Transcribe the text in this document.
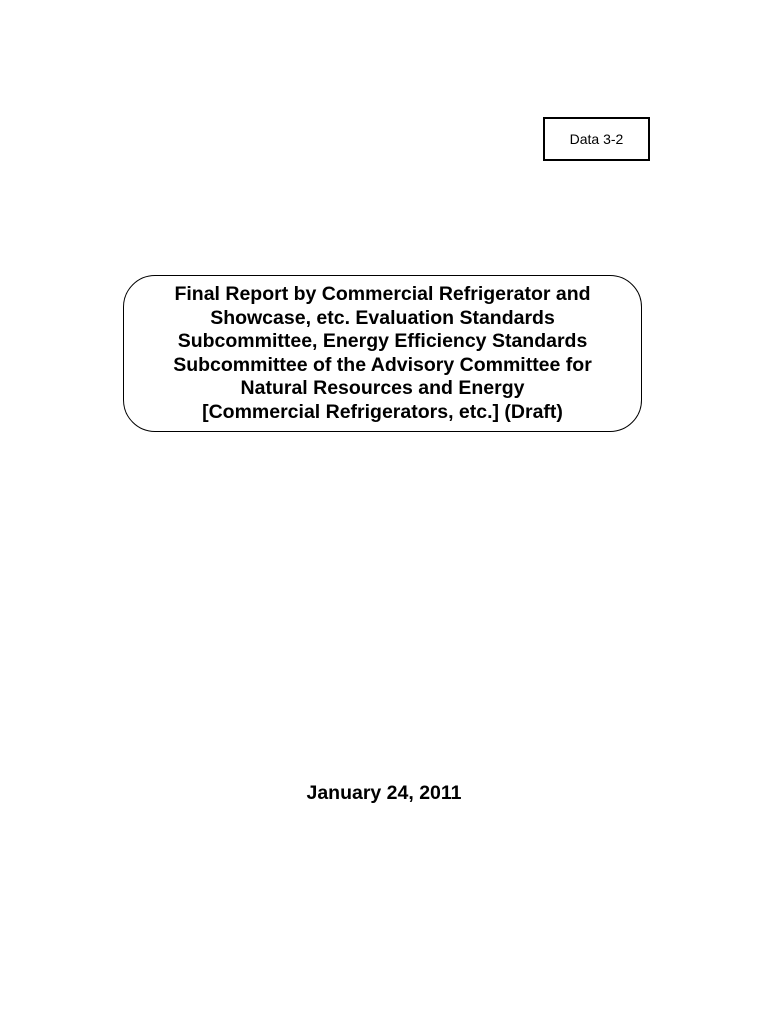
Data 3-2
Final Report by Commercial Refrigerator and
Showcase, etc. Evaluation Standards
Subcommittee, Energy Efficiency Standards
Subcommittee of the Advisory Committee for
Natural Resources and Energy
[Commercial Refrigerators, etc.] (Draft)
January 24, 2011
